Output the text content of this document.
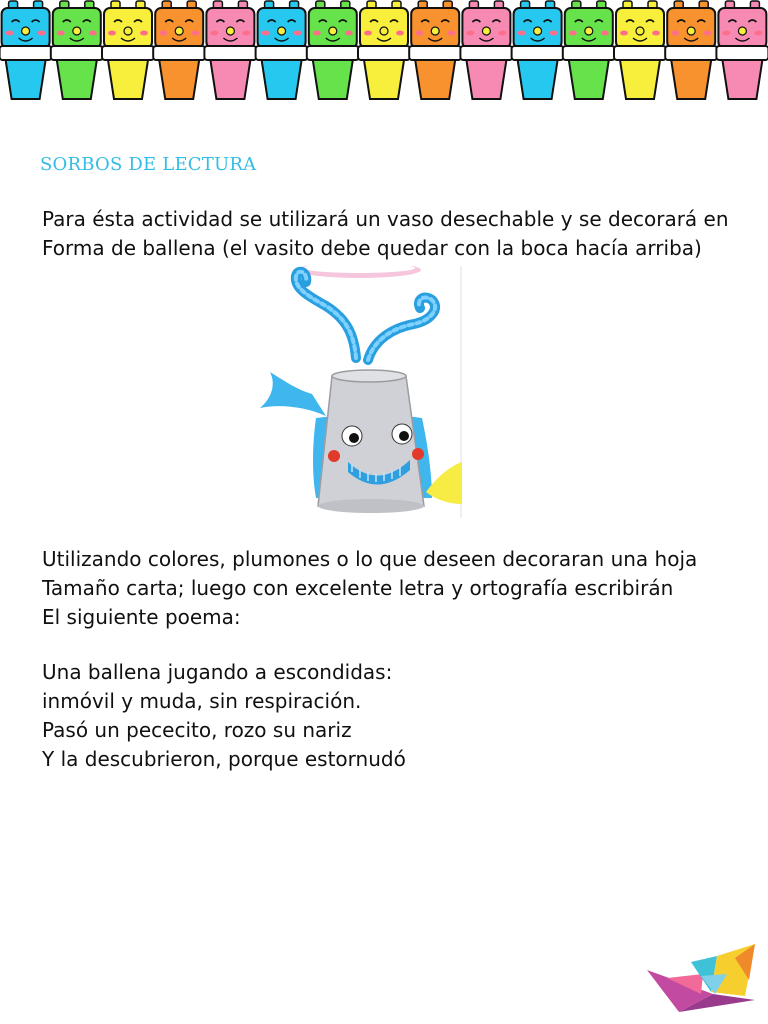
SORBOS DE LECTURA
Para ésta actividad se utilizará un vaso desechable y se decorará en
Forma de ballena (el vasito debe quedar con la boca hacía arriba)
Utilizando colores, plumones o lo que deseen decoraran una hoja
Tamaño carta; luego con excelente letra y ortografía escribirán
El siguiente poema:
Una ballena jugando a escondidas:
inmóvil y muda, sin respiración.
Pasó un pececito, rozo su nariz
Y la descubrieron, porque estornudó
